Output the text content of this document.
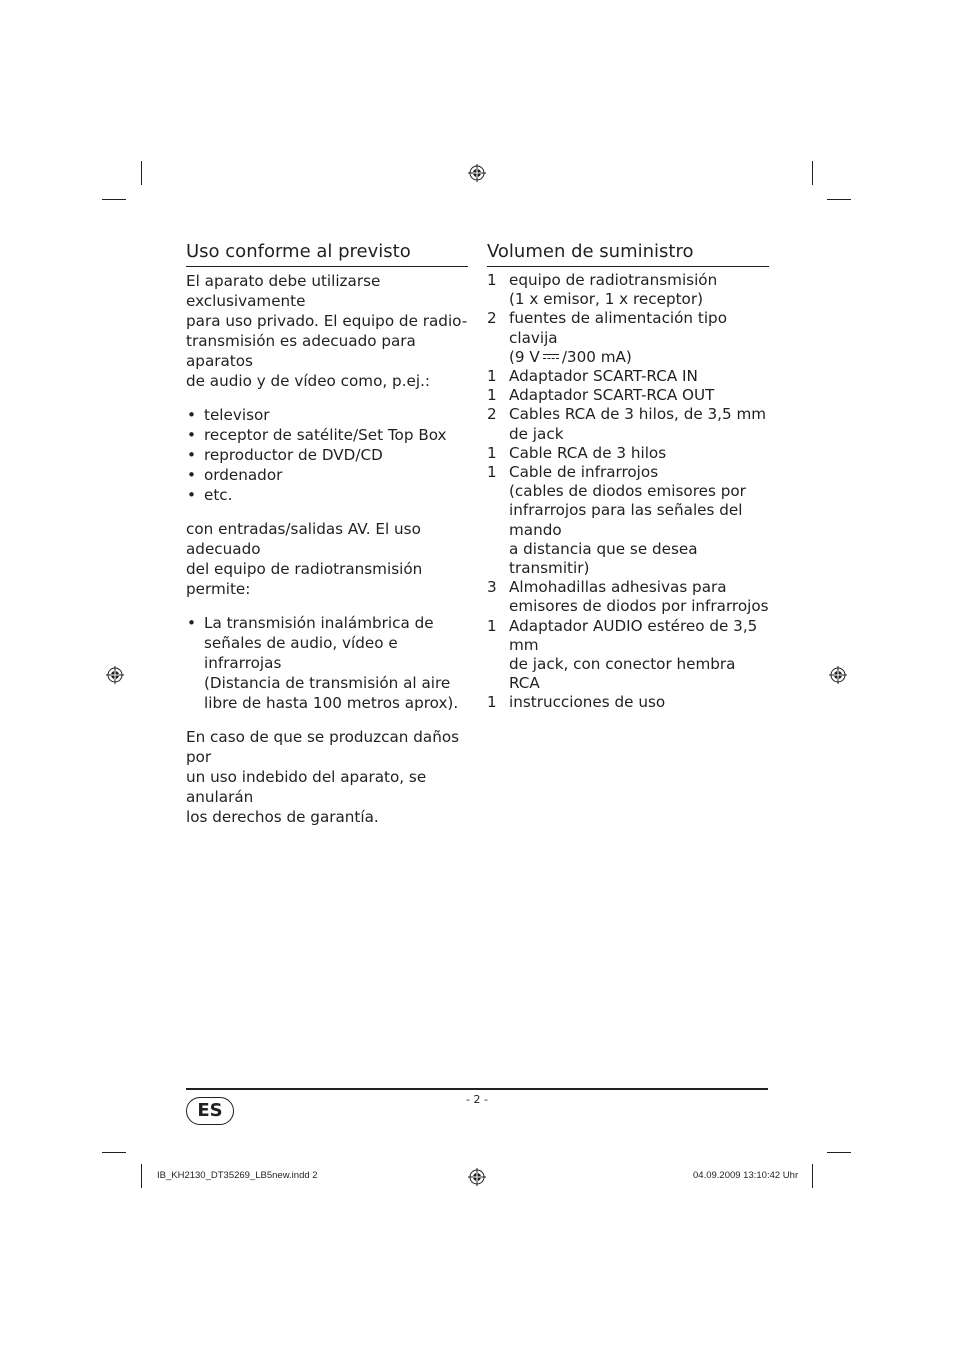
Uso conforme al previsto

El aparato debe utilizarse exclusivamente
para uso privado. El equipo de radio-
transmisión es adecuado para aparatos
de audio y de vídeo como, p.ej.:

• televisor
• receptor de satélite/Set Top Box
• reproductor de DVD/CD
• ordenador
• etc.

con entradas/salidas AV. El uso adecuado
del equipo de radiotransmisión permite:

• La transmisión inalámbrica de
señales de audio, vídeo e infrarrojas
(Distancia de transmisión al aire
libre de hasta 100 metros aprox).

En caso de que se produzcan daños por
un uso indebido del aparato, se anularán
los derechos de garantía.

Volumen de suministro
1 equipo de radiotransmisión
(1 x emisor, 1 x receptor)
2 fuentes de alimentación tipo clavija
(9 V /300 mA)
1 Adaptador SCART-RCA IN
1 Adaptador SCART-RCA OUT
2 Cables RCA de 3 hilos, de 3,5 mm
de jack
1 Cable RCA de 3 hilos
1 Cable de infrarrojos
(cables de diodos emisores por
infrarrojos para las señales del mando
a distancia que se desea transmitir)
3 Almohadillas adhesivas para
emisores de diodos por infrarrojos
1 Adaptador AUDIO estéreo de 3,5 mm
de jack, con conector hembra RCA
1 instrucciones de uso
- 2 -
ES
IB_KH2130_DT35269_LB5new.indd 2	04.09.2009 13:10:42 Uhr
